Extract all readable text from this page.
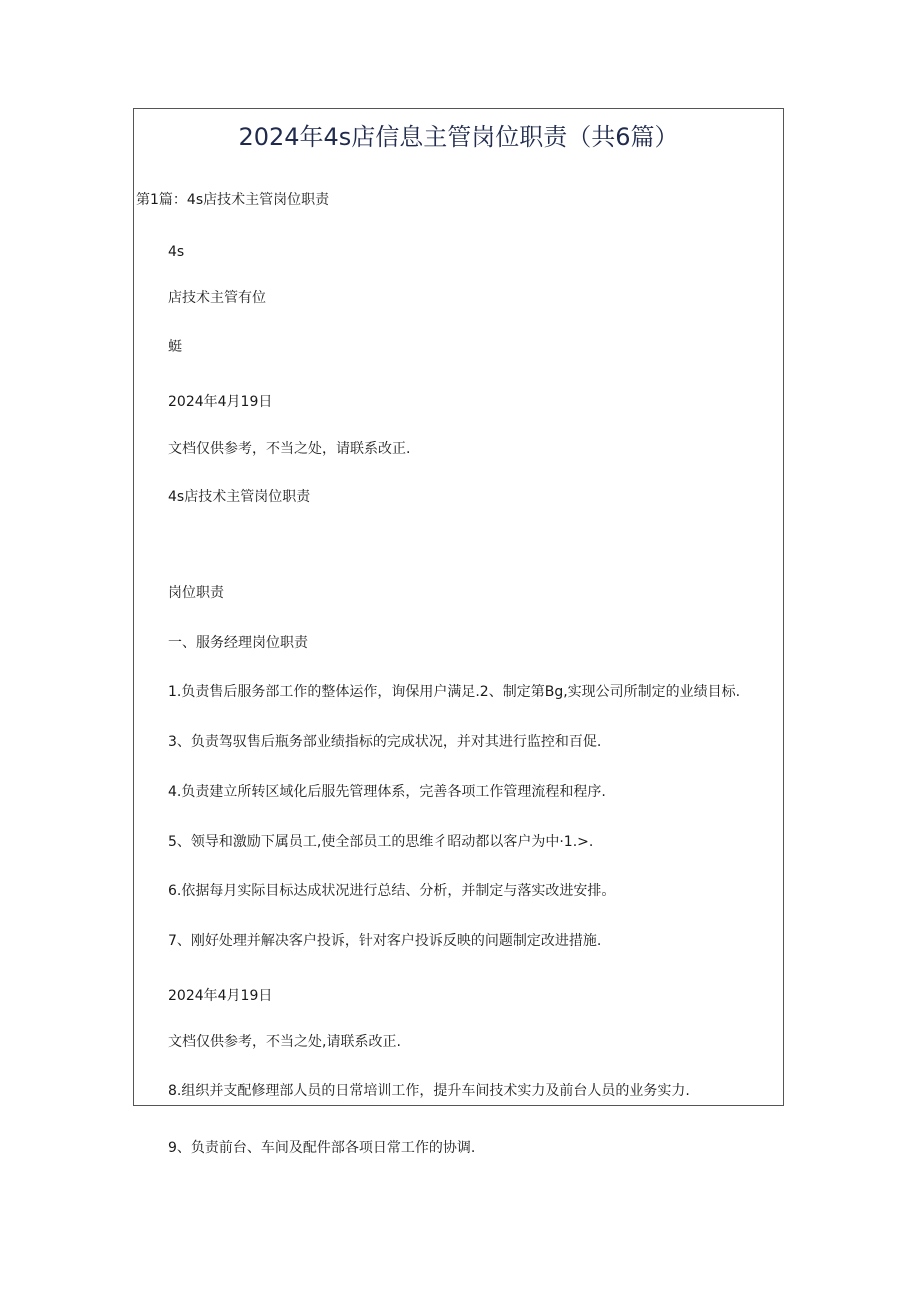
2024年4s店信息主管岗位职责（共6篇）
第1篇：4s店技术主管岗位职责
4s
店技术主管有位
蜓
2024年4月19日
文档仅供参考，不当之处，请联系改正.
4s店技术主管岗位职责
岗位职责
一、服务经理岗位职责
1.负责售后服务部工作的整体运作，询保用户满足.2、制定第Bg,实现公司所制定的业绩目标.
3、负责驾驭售后瓶务部业绩指标的完成状况，并对其进行监控和百促.
4.负责建立所转区域化后服先管理体系，完善各项工作管理流程和程序.
5、领导和激励下属员工,使全部员工的思维彳昭动都以客户为中·1.>.
6.依据每月实际目标达成状况进行总结、分析，并制定与落实改进安排。
7、刚好处理并解决客户投诉，针对客户投诉反映的问题制定改进措施.
2024年4月19日
文档仅供参考，不当之处,请联系改正.
8.组织并支配修理部人员的日常培训工作，提升车间技术实力及前台人员的业务实力.
9、负责前台、车间及配件部各项日常工作的协调.
